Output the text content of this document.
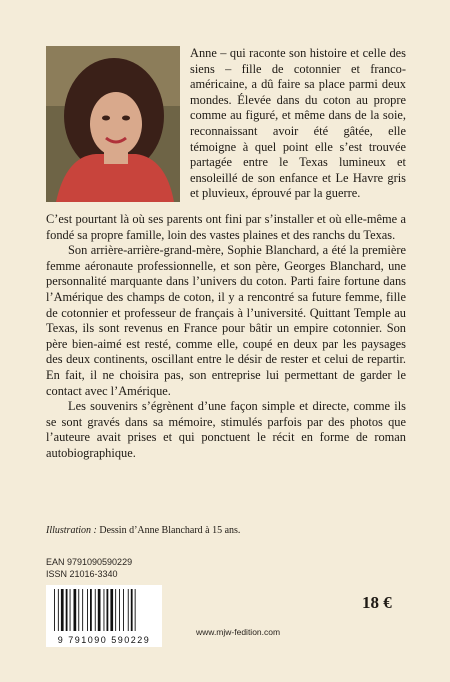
Anne – qui raconte son histoire et celle des siens – fille de cotonnier et franco-américaine, a dû faire sa place parmi deux mondes. Élevée dans du coton au propre comme au figuré, et même dans de la soie, reconnaissant avoir été gâtée, elle témoigne à quel point elle s’est trouvée partagée entre le Texas lumineux et ensoleillé de son enfance et Le Havre gris et pluvieux, éprouvé par la guerre.

C’est pourtant là où ses parents ont fini par s’installer et où elle-même a fondé sa propre famille, loin des vastes plaines et des ranchs du Texas.

Son arrière-arrière-grand-mère, Sophie Blanchard, a été la première femme aéronaute professionnelle, et son père, Georges Blanchard, une personnalité marquante dans l’univers du coton. Parti faire fortune dans l’Amérique des champs de coton, il y a rencontré sa future femme, fille de cotonnier et professeur de français à l’université. Quittant Temple au Texas, ils sont revenus en France pour bâtir un empire cotonnier. Son père bien-aimé est resté, comme elle, coupé en deux par les paysages des deux continents, oscillant entre le désir de rester et celui de repartir. En fait, il ne choisira pas, son entreprise lui permettant de garder le contact avec l’Amérique.

Les souvenirs s’égrènent d’une façon simple et directe, comme ils se sont gravés dans sa mémoire, stimulés parfois par des photos que l’auteure avait prises et qui ponctuent le récit en forme de roman autobiographique.

Illustration : Dessin d’Anne Blanchard à 15 ans.
EAN 9791090590229
ISSN 21016-3340
9 791090 590229
18 €
www.mjw-fedition.com
